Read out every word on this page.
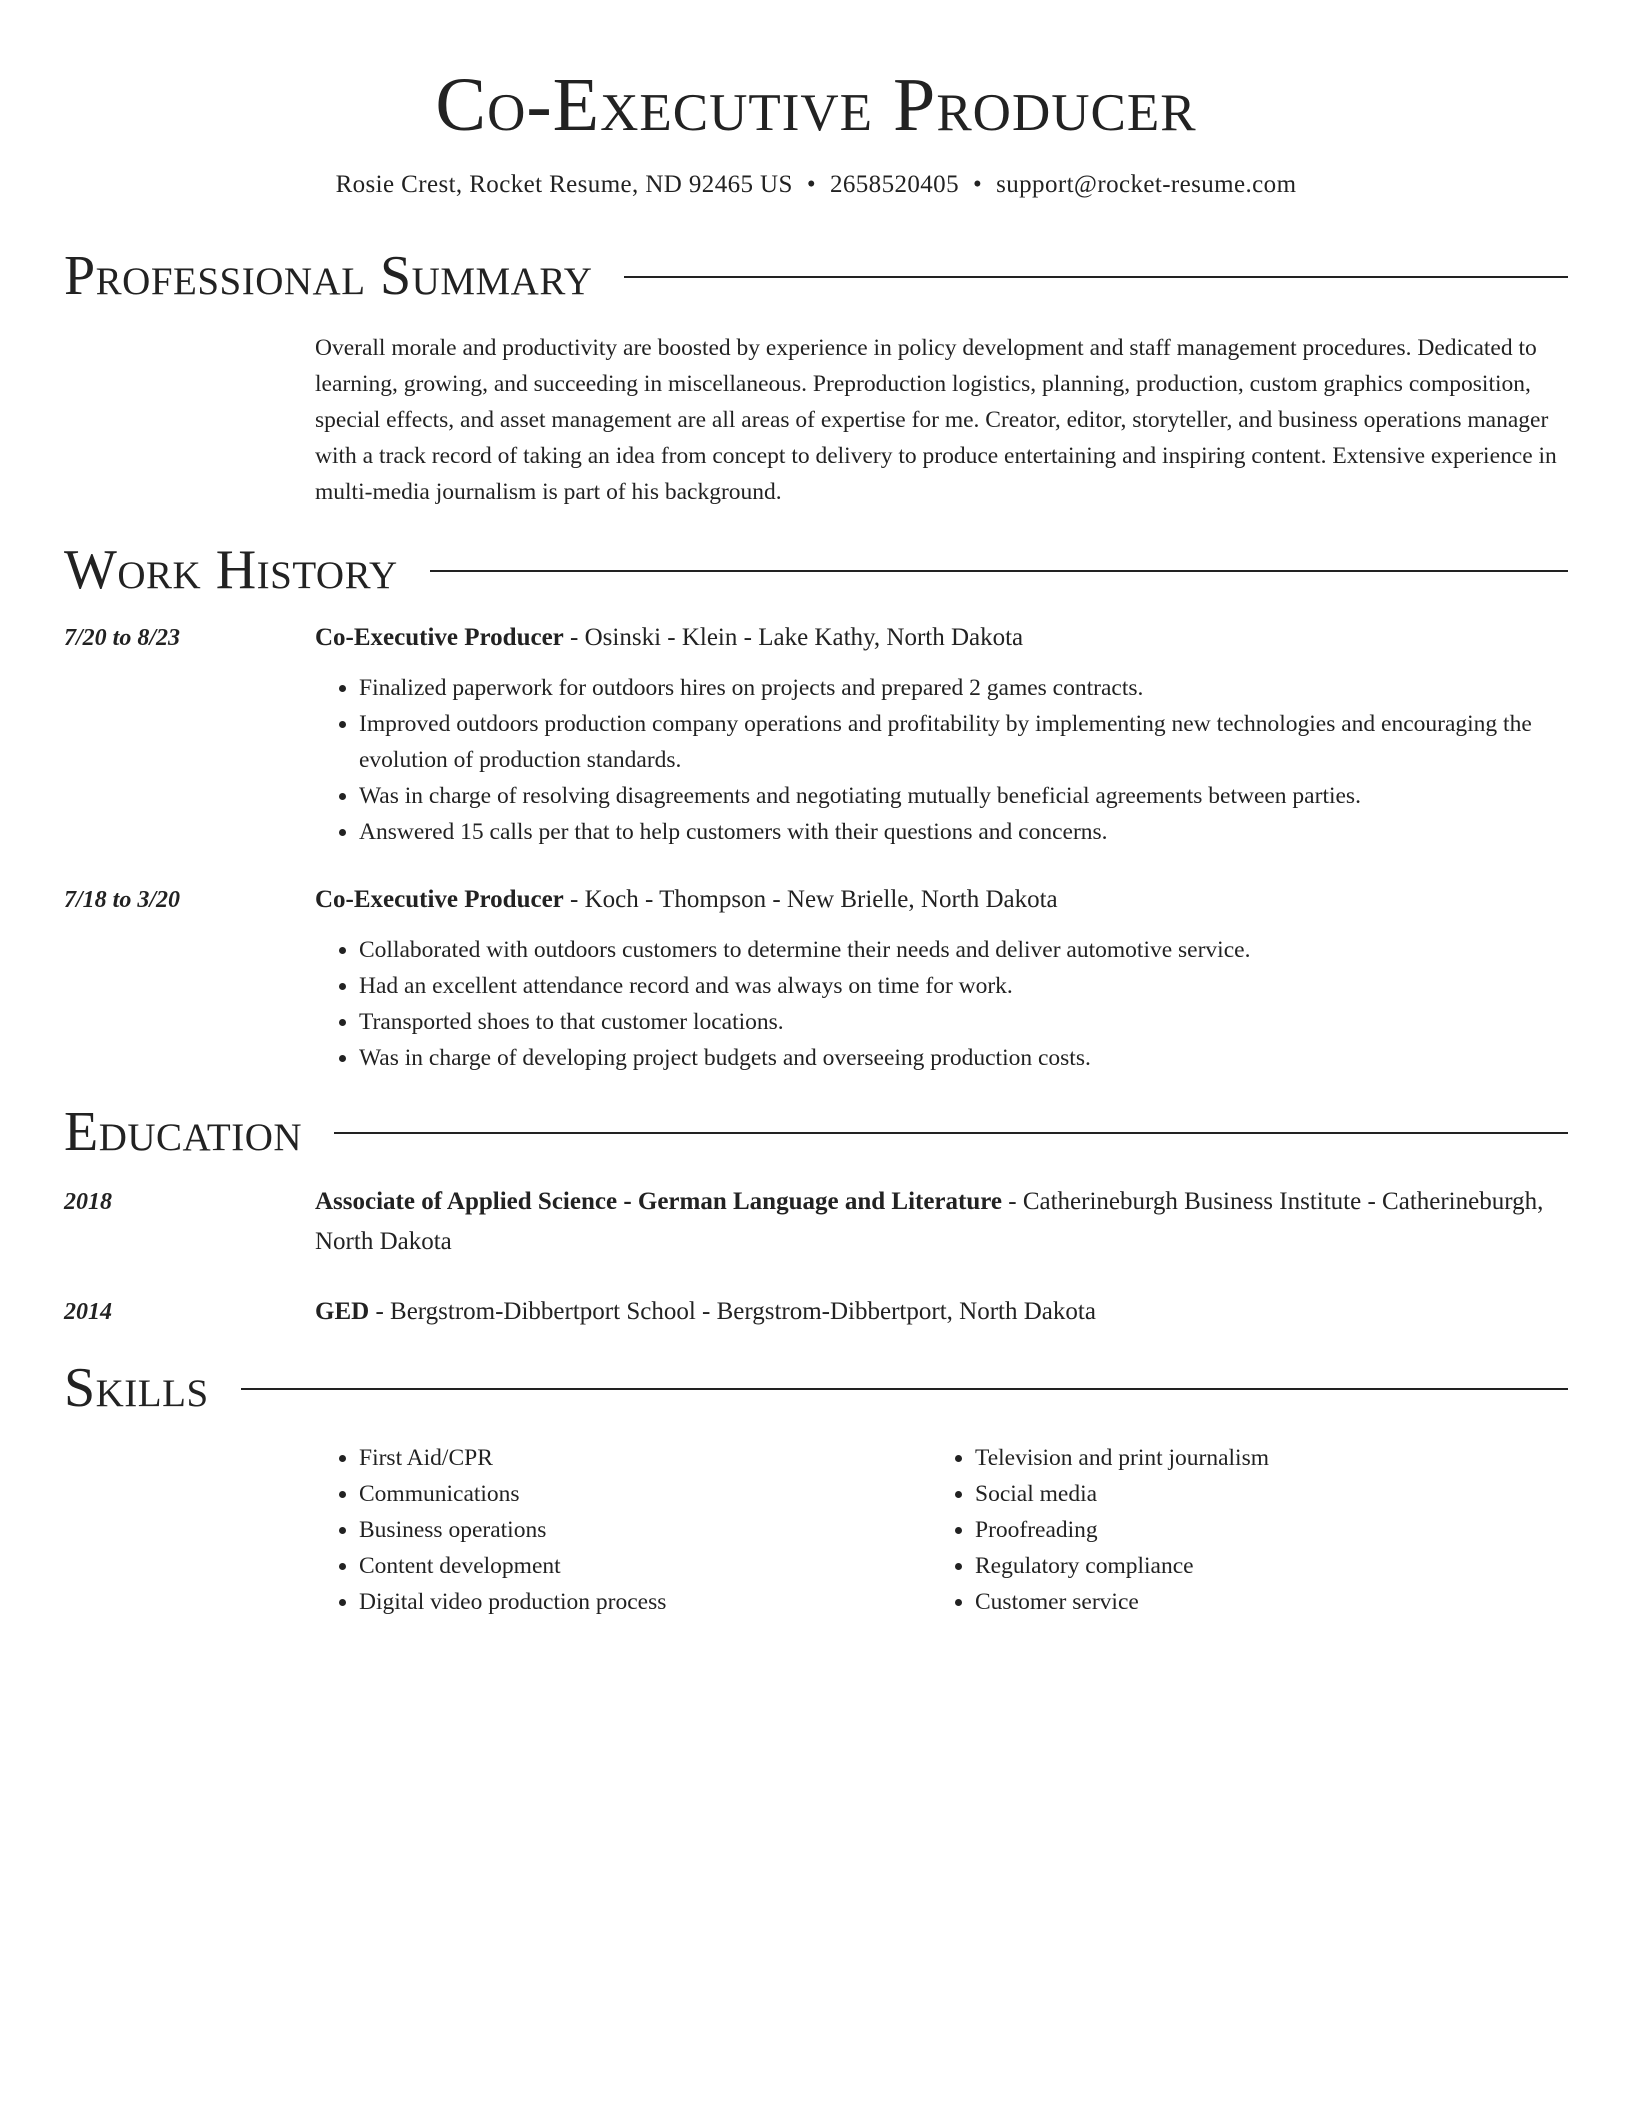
Co-Executive Producer
Rosie Crest, Rocket Resume, ND 92465 US • 2658520405 • support@rocket-resume.com
Professional Summary
Overall morale and productivity are boosted by experience in policy development and staff management procedures. Dedicated to learning, growing, and succeeding in miscellaneous. Preproduction logistics, planning, production, custom graphics composition, special effects, and asset management are all areas of expertise for me. Creator, editor, storyteller, and business operations manager with a track record of taking an idea from concept to delivery to produce entertaining and inspiring content. Extensive experience in multi-media journalism is part of his background.
Work History
7/20 to 8/23	Co-Executive Producer - Osinski - Klein - Lake Kathy, North Dakota
• Finalized paperwork for outdoors hires on projects and prepared 2 games contracts.
• Improved outdoors production company operations and profitability by implementing new technologies and encouraging the evolution of production standards.
• Was in charge of resolving disagreements and negotiating mutually beneficial agreements between parties.
• Answered 15 calls per that to help customers with their questions and concerns.
7/18 to 3/20	Co-Executive Producer - Koch - Thompson - New Brielle, North Dakota
• Collaborated with outdoors customers to determine their needs and deliver automotive service.
• Had an excellent attendance record and was always on time for work.
• Transported shoes to that customer locations.
• Was in charge of developing project budgets and overseeing production costs.
Education
2018	Associate of Applied Science - German Language and Literature - Catherineburgh Business Institute - Catherineburgh, North Dakota
2014	GED - Bergstrom-Dibbertport School - Bergstrom-Dibbertport, North Dakota
Skills
• First Aid/CPR
• Communications
• Business operations
• Content development
• Digital video production process
• Television and print journalism
• Social media
• Proofreading
• Regulatory compliance
• Customer service
